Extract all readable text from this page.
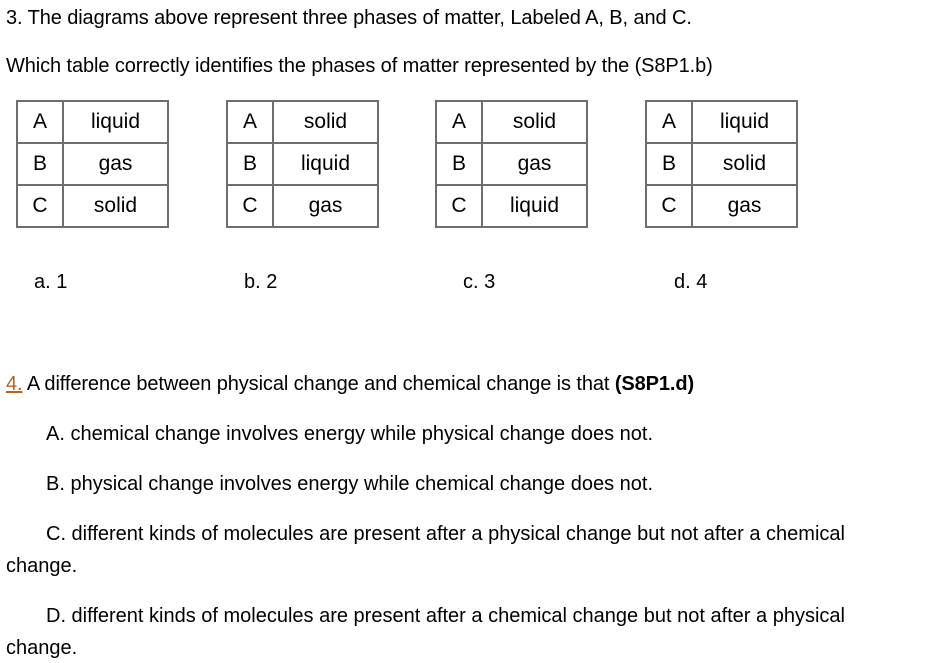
3. The diagrams above represent three phases of matter, Labeled A, B, and C.
Which table correctly identifies the phases of matter represented by the (S8P1.b)
A	liquid
B	gas
C	solid
A	solid
B	liquid
C	gas
A	solid
B	gas
C	liquid
A	liquid
B	solid
C	gas
a. 1	b. 2	c. 3	d. 4
4. A difference between physical change and chemical change is that (S8P1.d)
A. chemical change involves energy while physical change does not.
B. physical change involves energy while chemical change does not.
C. different kinds of molecules are present after a physical change but not after a chemical
change.
D. different kinds of molecules are present after a chemical change but not after a physical
change.
